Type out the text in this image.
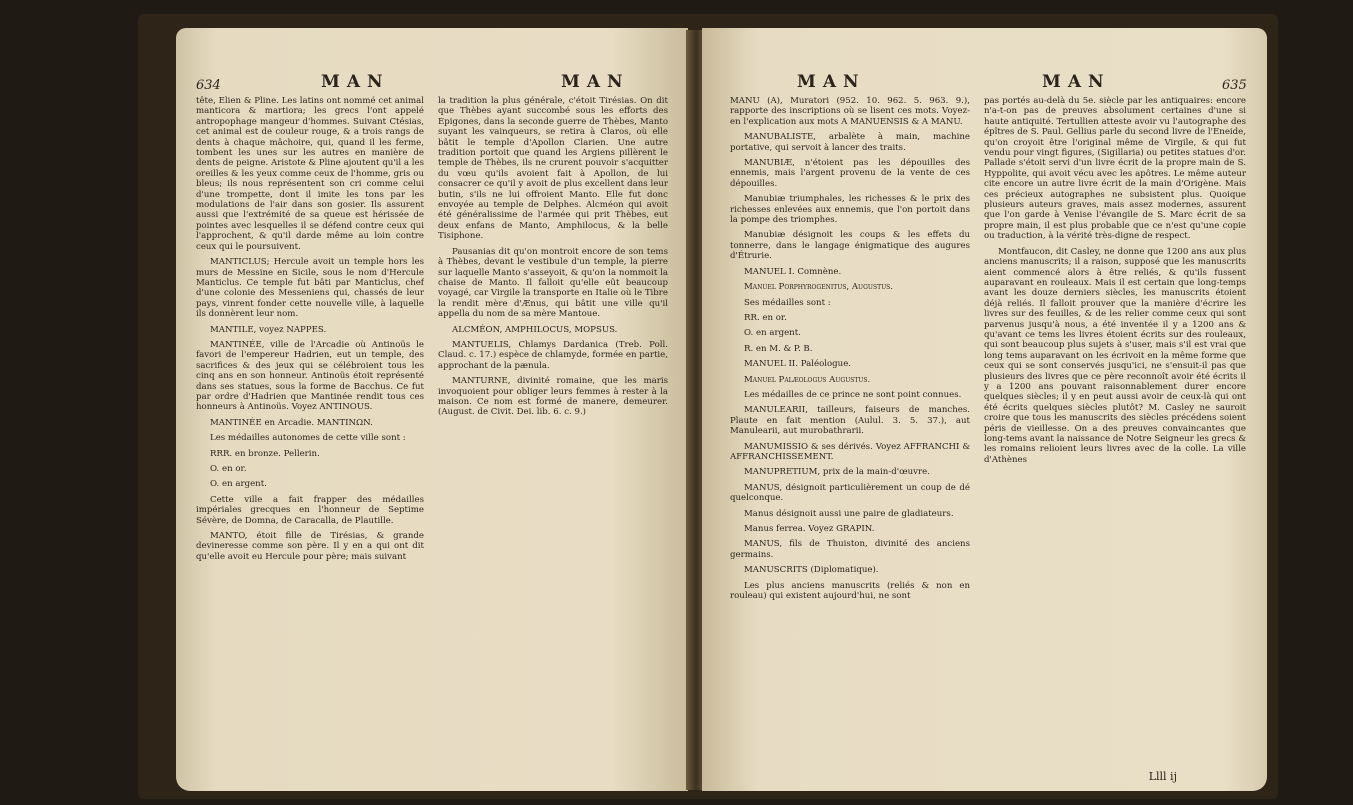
634	MAN	MAN

tête, Elien & Pline. Les latins ont nommé cet animal manticora & martiora; les grecs l'ont appelé antropophage mangeur d'hommes. Suivant Ctésias, cet animal est de couleur rouge, & a trois rangs de dents à chaque mâchoire, qui, quand il les ferme, tombent les unes sur les autres en manière de dents de peigne. Aristote & Pline ajoutent qu'il a les oreilles & les yeux comme ceux de l'homme, gris ou bleus; ils nous représentent son cri comme celui d'une trompette, dont il imite les tons par les modulations de l'air dans son gosier. Ils assurent aussi que l'extrémité de sa queue est hérissée de pointes avec lesquelles il se défend contre ceux qui l'approchent, & qu'il darde même au loin contre ceux qui le poursuivent.

MANTICLUS; Hercule avoit un temple hors les murs de Messine en Sicile, sous le nom d'Hercule Manticlus. Ce temple fut bâti par Manticlus, chef d'une colonie des Messeniens qui, chassés de leur pays, vinrent fonder cette nouvelle ville, à laquelle ils donnèrent leur nom.

MANTILE, voyez NAPPES.

MANTINÉE, ville de l'Arcadie où Antinoüs le favori de l'empereur Hadrien, eut un temple, des sacrifices & des jeux qui se célébroient tous les cinq ans en son honneur. Antinoüs étoit représenté dans ses statues, sous la forme de Bacchus. Ce fut par ordre d'Hadrien que Mantinée rendit tous ces honneurs à Antinoüs. Voyez ANTINOUS.

MANTINÉE en Arcadie. MANTINΩN.

Les médailles autonomes de cette ville sont :

RRR. en bronze. Pellerin.

O. en or.

O. en argent.

Cette ville a fait frapper des médailles impériales grecques en l'honneur de Septime Sévère, de Domna, de Caracalla, de Plautille.

MANTO, étoit fille de Tirésias, & grande devineresse comme son père. Il y en a qui ont dit qu'elle avoit eu Hercule pour père; mais suivant

la tradition la plus générale, c'étoit Tirésias. On dit que Thèbes ayant succombé sous les efforts des Epigones, dans la seconde guerre de Thèbes, Manto suyant les vainqueurs, se retira à Claros, où elle bâtit le temple d'Apollon Clarien. Une autre tradition portoit que quand les Argiens pillèrent le temple de Thèbes, ils ne crurent pouvoir s'acquitter du vœu qu'ils avoient fait à Apollon, de lui consacrer ce qu'il y avoit de plus excellent dans leur butin, s'ils ne lui offroient Manto. Elle fut donc envoyée au temple de Delphes. Alcméon qui avoit été généralissime de l'armée qui prit Thèbes, eut deux enfans de Manto, Amphilocus, & la belle Tisiphone.

Pausanias dit qu'on montroit encore de son tems à Thèbes, devant le vestibule d'un temple, la pierre sur laquelle Manto s'asseyoit, & qu'on la nommoit la chaise de Manto. Il falloit qu'elle eût beaucoup voyagé, car Virgile la transporte en Italie où le Tibre la rendit mère d'Ænus, qui bâtit une ville qu'il appella du nom de sa mère Mantoue.

ALCMÉON, AMPHILOCUS, MOPSUS.

MANTUELIS, Chlamys Dardanica (Treb. Poll. Claud. c. 17.) espèce de chlamyde, formée en partie, approchant de la pænula.

MANTURNE, divinité romaine, que les maris invoquoient pour obliger leurs femmes à rester à la maison. Ce nom est formé de manere, demeurer. (August. de Civit. Dei. lib. 6. c. 9.)

MAN	MAN	635

MANU (A), Muratori (952. 10. 962. 5. 963. 9.), rapporte des inscriptions où se lisent ces mots. Voyez-en l'explication aux mots A MANUENSIS & A MANU.

MANUBALISTE, arbalète à main, machine portative, qui servoit à lancer des traits.

MANUBIÆ, n'étoient pas les dépouilles des ennemis, mais l'argent provenu de la vente de ces dépouilles.

Manubiæ triumphales, les richesses & le prix des richesses enlevées aux ennemis, que l'on portoit dans la pompe des triomphes.

Manubiæ désignoit les coups & les effets du tonnerre, dans le langage énigmatique des augures d'Étrurie.

MANUEL I. Comnène.

Manuel Porphyrogenitus, Augustus.

Ses médailles sont :

RR. en or.

O. en argent.

R. en M. & P. B.

MANUEL II. Paléologue.

Manuel Palæologus Augustus.

Les médailles de ce prince ne sont point connues.

MANULEARII, tailleurs, faiseurs de manches. Plaute en fait mention (Aulul. 3. 5. 37.), aut Manulearii, aut murobathrarii.

MANUMISSIO & ses dérivés. Voyez AFFRANCHI & AFFRANCHISSEMENT.

MANUPRETIUM, prix de la main-d'œuvre.

MANUS, désignoit particulièrement un coup de dé quelconque.

Manus désignoit aussi une paire de gladiateurs.

Manus ferrea. Voyez GRAPIN.

MANUS, fils de Thuiston, divinité des anciens germains.

MANUSCRITS (Diplomatique).

Les plus anciens manuscrits (reliés & non en rouleau) qui existent aujourd'hui, ne sont

pas portés au-delà du 5e. siècle par les antiquaires: encore n'a-t-on pas de preuves absolument certaines d'une si haute antiquité. Tertullien atteste avoir vu l'autographe des épîtres de S. Paul. Gellius parle du second livre de l'Eneide, qu'on croyoit être l'original même de Virgile, & qui fut vendu pour vingt figures, (Sigillaria) ou petites statues d'or. Pallade s'étoit servi d'un livre écrit de la propre main de S. Hyppolite, qui avoit vécu avec les apôtres. Le même auteur cite encore un autre livre écrit de la main d'Origène. Mais ces précieux autographes ne subsistent plus. Quoique plusieurs auteurs graves, mais assez modernes, assurent que l'on garde à Venise l'évangile de S. Marc écrit de sa propre main, il est plus probable que ce n'est qu'une copie ou traduction, à la vérité très-digne de respect.

Montfaucon, dit Casley, ne donne que 1200 ans aux plus anciens manuscrits; il a raison, supposé que les manuscrits aient commencé alors à être reliés, & qu'ils fussent auparavant en rouleaux. Mais il est certain que long-temps avant les douze derniers siècles, les manuscrits étoient déjà reliés. Il falloit prouver que la manière d'écrire les livres sur des feuilles, & de les relier comme ceux qui sont parvenus jusqu'à nous, a été inventée il y a 1200 ans & qu'avant ce tems les livres étoient écrits sur des rouleaux, qui sont beaucoup plus sujets à s'user, mais s'il est vrai que long tems auparavant on les écrivoit en la même forme que ceux qui se sont conservés jusqu'ici, ne s'ensuit-il pas que plusieurs des livres que ce père reconnoît avoir été écrits il y a 1200 ans pouvant raisonnablement durer encore quelques siècles; il y en peut aussi avoir de ceux-là qui ont été écrits quelques siècles plutôt? M. Casley ne sauroit croire que tous les manuscrits des siècles précédens soient péris de vieillesse. On a des preuves convaincantes que long-tems avant la naissance de Notre Seigneur les grecs & les romains relioient leurs livres avec de la colle. La ville d'Athènes

Llll ij
